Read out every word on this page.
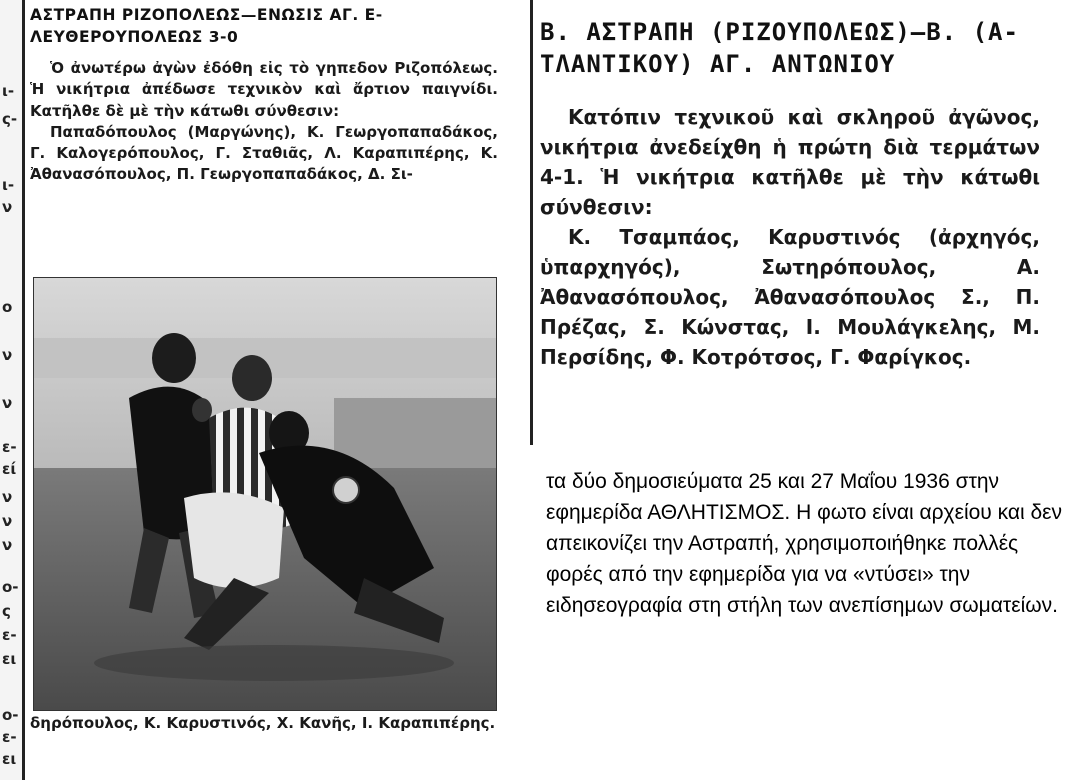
ι-
ς-
ι-
ν
ο
ν
ν
ε-
εί
ν
ν
ν
ο-
ς
ε-
ει
ο-
ε-
ει
ΑΣΤΡΑΠΗ ΡΙΖΟΠΟΛΕΩΣ—ΕΝΩΣΙΣ ΑΓ. Ε-ΛΕΥΘΕΡΟΥΠΟΛΕΩΣ 3-0

Ὁ ἀνωτέρω ἀγὼν ἐδόθη εἰς τὸ γηπεδον Ριζοπόλεως. Ἡ νικήτρια ἀπέδωσε τεχνικὸν καὶ ἄρτιον παιγνίδι. Κατῆλθε δὲ μὲ τὴν κάτωθι σύνθεσιν:

Παπαδόπουλος (Μαργώνης), Κ. Γεωργοπαπαδάκος, Γ. Καλογερόπουλος, Γ. Σταθιᾶς, Λ. Καραπιπέρης, Κ. Ἀθανασόπουλος, Π. Γεωργοπαπαδάκος, Δ. Σι-

δηρόπουλος, Κ. Καρυστινός, Χ. Κανῆς, Ι. Καραπιπέρης.

Β. ΑΣΤΡΑΠΗ (ΡΙΖΟΥΠΟΛΕΩΣ)–Β. (Α-ΤΛΑΝΤΙΚΟΥ) ΑΓ. ΑΝΤΩΝΙΟΥ

Κατόπιν τεχνικοῦ καὶ σκληροῦ ἀγῶνος, νικήτρια ἀνεδείχθη ἡ πρώτη διὰ τερμάτων 4-1. Ἡ νικήτρια κατῆλθε μὲ τὴν κάτωθι σύνθεσιν:

Κ. Τσαμπάος, Καρυστινός (ἀρχηγός, ὑπαρχηγός), Σωτηρόπουλος, Α. Ἀθανασόπουλος, Ἀθανασόπουλος Σ., Π. Πρέζας, Σ. Κώνστας, Ι. Μουλάγκελης, Μ. Περσίδης, Φ. Κοτρότσος, Γ. Φαρίγκος.

τα δύο δημοσιεύματα 25 και 27 Μαΐου 1936 στην εφημερίδα ΑΘΛΗΤΙΣΜΟΣ. Η φωτο είναι αρχείου και δεν απεικονίζει την Αστραπή, χρησιμοποιήθηκε πολλές φορές από την εφημερίδα για να «ντύσει» την ειδησεογραφία στη στήλη των ανεπίσημων σωματείων.
